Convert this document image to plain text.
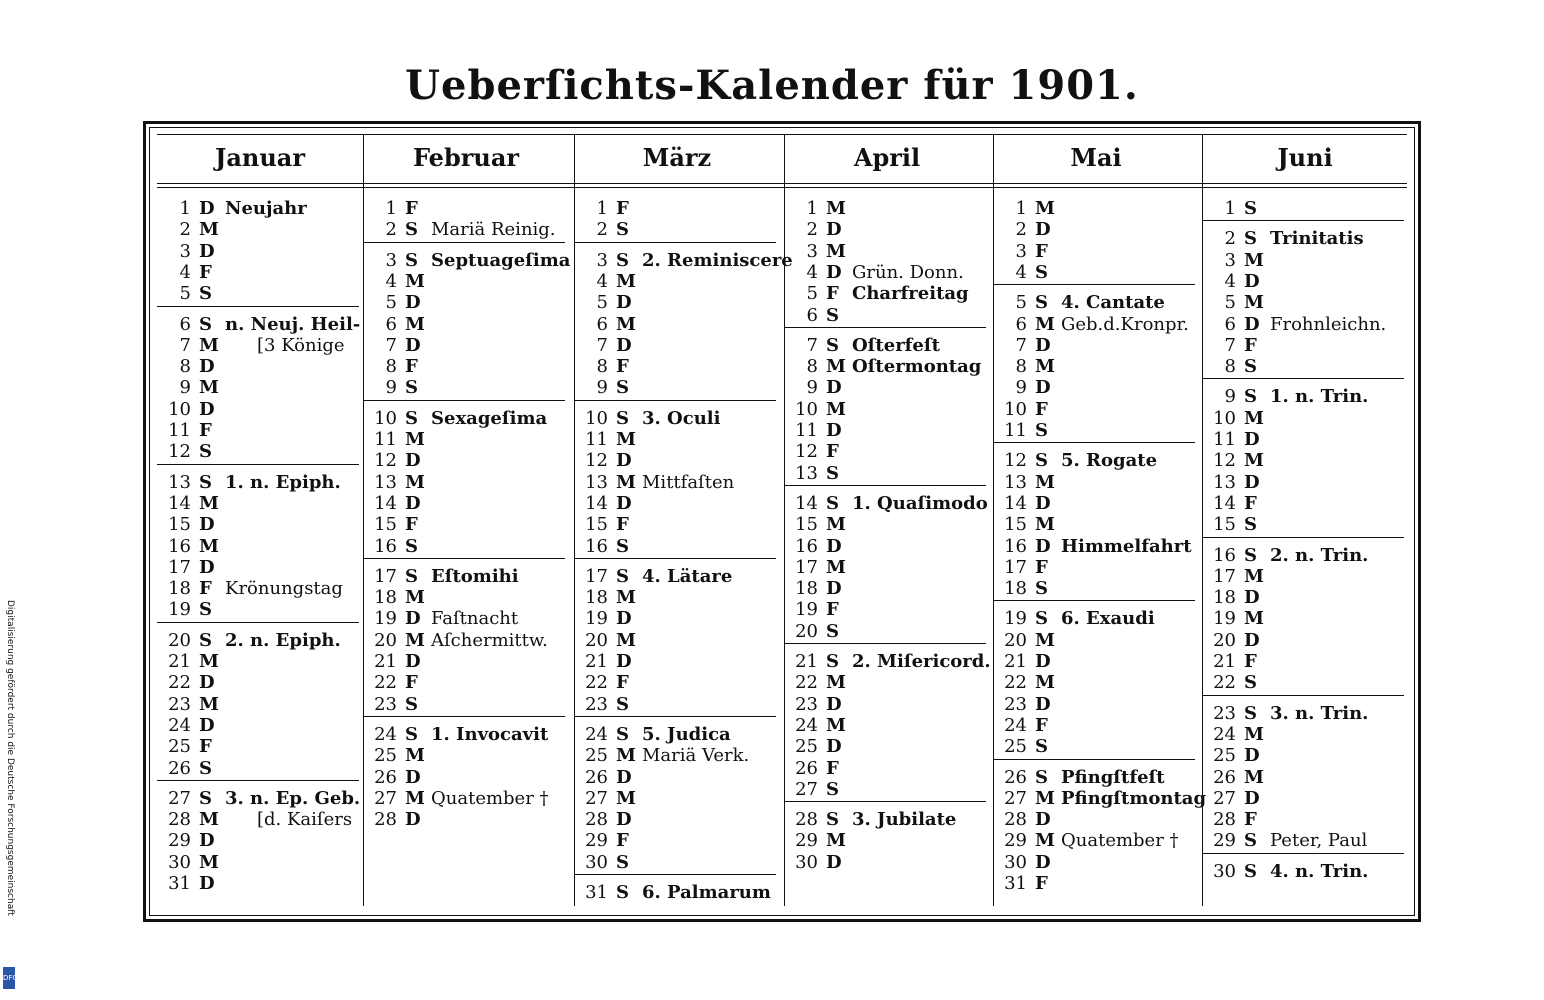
Ueberſichts-Kalender für 1901.
Januar
1 D Neujahr
2 M
3 D
4 F
5 S
6 S n. Neuj. Heil-
7 M [3 Könige
8 D
9 M
10 D
11 F
12 S
13 S 1. n. Epiph.
14 M
15 D
16 M
17 D
18 F Krönungstag
19 S
20 S 2. n. Epiph.
21 M
22 D
23 M
24 D
25 F
26 S
27 S 3. n. Ep. Geb.
28 M [d. Kaiſers
29 D
30 M
31 D
Februar
1 F
2 S Mariä Reinig.
3 S Septuageſima
4 M
5 D
6 M
7 D
8 F
9 S
10 S Sexageſima
11 M
12 D
13 M
14 D
15 F
16 S
17 S Eſtomihi
18 M
19 D Faſtnacht
20 M Aſchermittw.
21 D
22 F
23 S
24 S 1. Invocavit
25 M
26 D
27 M Quatember †
28 D
März
1 F
2 S
3 S 2. Reminiscere
4 M
5 D
6 M
7 D
8 F
9 S
10 S 3. Oculi
11 M
12 D
13 M Mittfaſten
14 D
15 F
16 S
17 S 4. Lätare
18 M
19 D
20 M
21 D
22 F
23 S
24 S 5. Judica
25 M Mariä Verk.
26 D
27 M
28 D
29 F
30 S
31 S 6. Palmarum
April
1 M
2 D
3 M
4 D Grün. Donn.
5 F Charfreitag
6 S
7 S Oſterfeſt
8 M Oſtermontag
9 D
10 M
11 D
12 F
13 S
14 S 1. Quaſimodo
15 M
16 D
17 M
18 D
19 F
20 S
21 S 2. Miſericord.
22 M
23 D
24 M
25 D
26 F
27 S
28 S 3. Jubilate
29 M
30 D
Mai
1 M
2 D
3 F
4 S
5 S 4. Cantate
6 M Geb.d.Kronpr.
7 D
8 M
9 D
10 F
11 S
12 S 5. Rogate
13 M
14 D
15 M
16 D Himmelfahrt
17 F
18 S
19 S 6. Exaudi
20 M
21 D
22 M
23 D
24 F
25 S
26 S Pfingſtfeſt
27 M Pfingſtmontag
28 D
29 M Quatember †
30 D
31 F
Juni
1 S
2 S Trinitatis
3 M
4 D
5 M
6 D Frohnleichn.
7 F
8 S
9 S 1. n. Trin.
10 M
11 D
12 M
13 D
14 F
15 S
16 S 2. n. Trin.
17 M
18 D
19 M
20 D
21 F
22 S
23 S 3. n. Trin.
24 M
25 D
26 M
27 D
28 F
29 S Peter, Paul
30 S 4. n. Trin.
Digitalisierung gefördert durch die Deutsche Forschungsgemeinschaft
DFG
